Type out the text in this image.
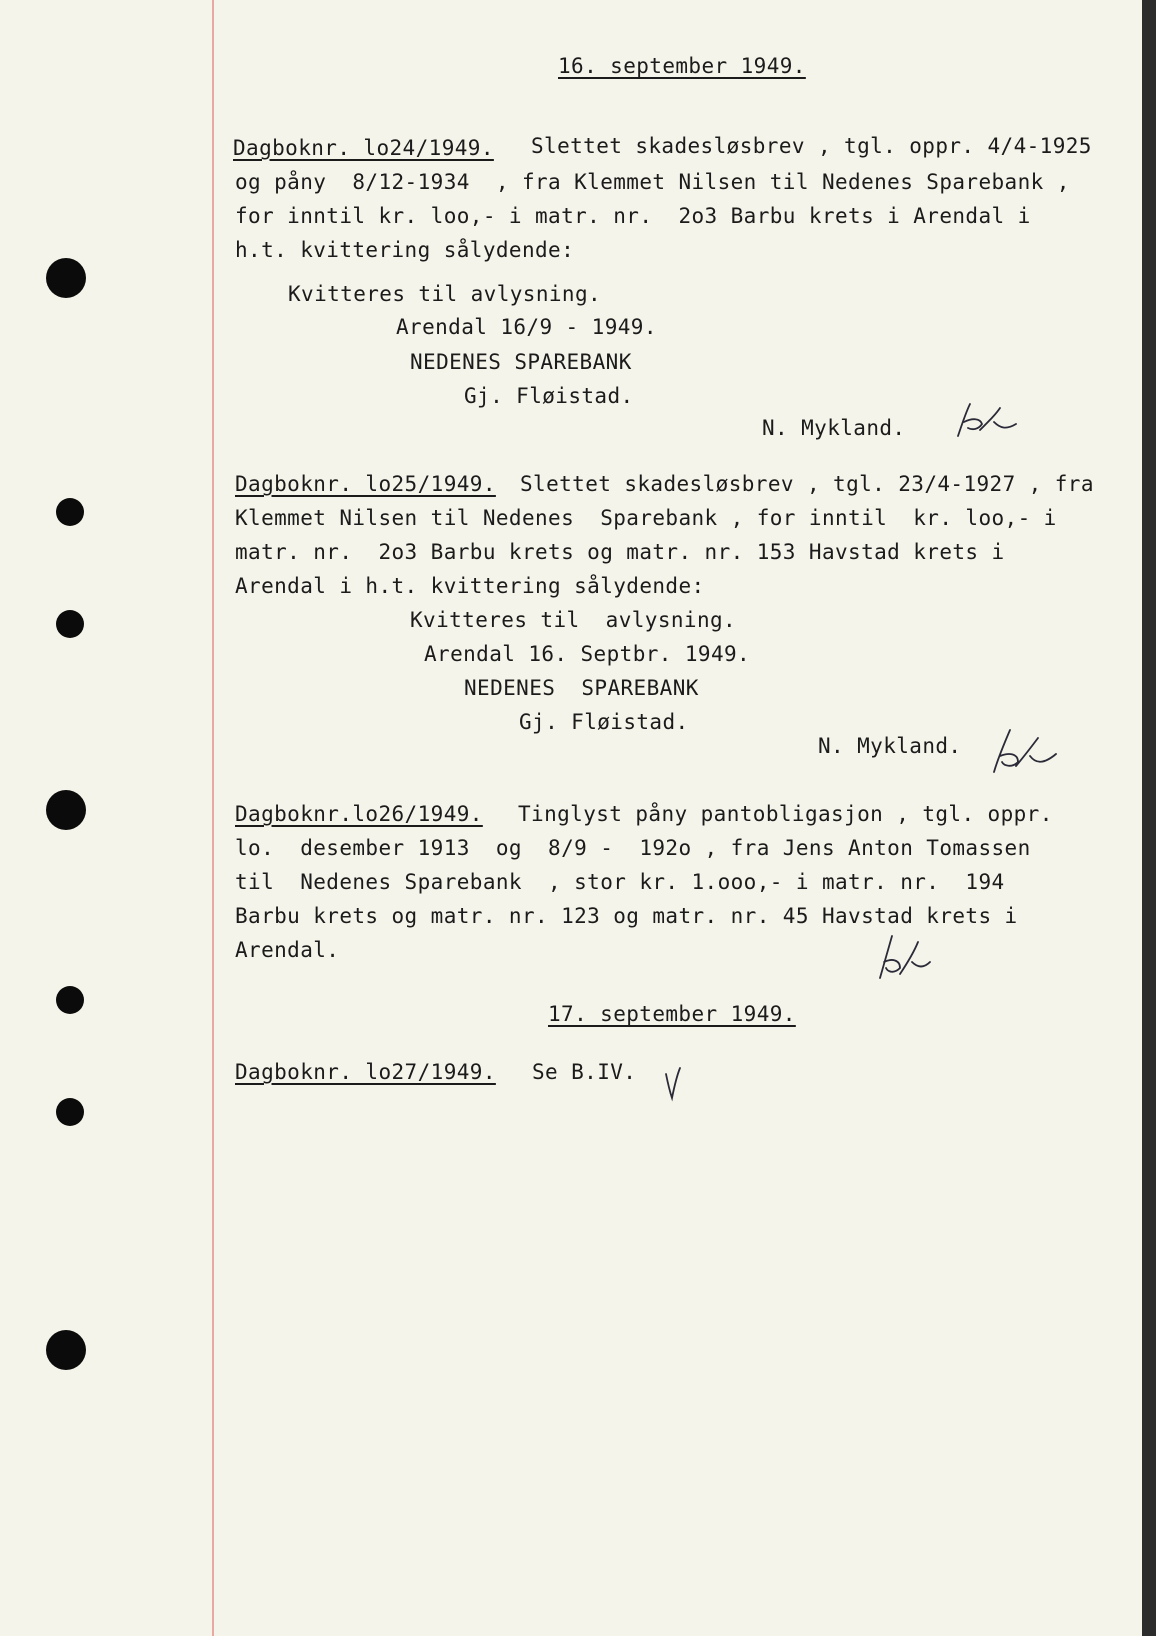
16. september 1949.
Dagboknr. lo24/1949. Slettet skadesløsbrev , tgl. oppr. 4/4-1925
og påny  8/12-1934  , fra Klemmet Nilsen til Nedenes Sparebank ,
for inntil kr. loo,- i matr. nr.  2o3 Barbu krets i Arendal i
h.t. kvittering sålydende:
Kvitteres til avlysning.
Arendal 16/9 - 1949.
NEDENES SPAREBANK
Gj. Fløistad.
N. Mykland.
Dagboknr. lo25/1949. Slettet skadesløsbrev , tgl. 23/4-1927 , fra
Klemmet Nilsen til Nedenes  Sparebank , for inntil  kr. loo,- i
matr. nr.  2o3 Barbu krets og matr. nr. 153 Havstad krets i
Arendal i h.t. kvittering sålydende:
Kvitteres til  avlysning.
Arendal 16. Septbr. 1949.
NEDENES  SPAREBANK
Gj. Fløistad.
N. Mykland.
Dagboknr.lo26/1949. Tinglyst påny pantobligasjon , tgl. oppr.
lo.  desember 1913  og  8/9 -  192o , fra Jens Anton Tomassen
til  Nedenes Sparebank  , stor kr. 1.ooo,- i matr. nr.  194
Barbu krets og matr. nr. 123 og matr. nr. 45 Havstad krets i
Arendal.
17. september 1949.
Dagboknr. lo27/1949. Se B.IV.
